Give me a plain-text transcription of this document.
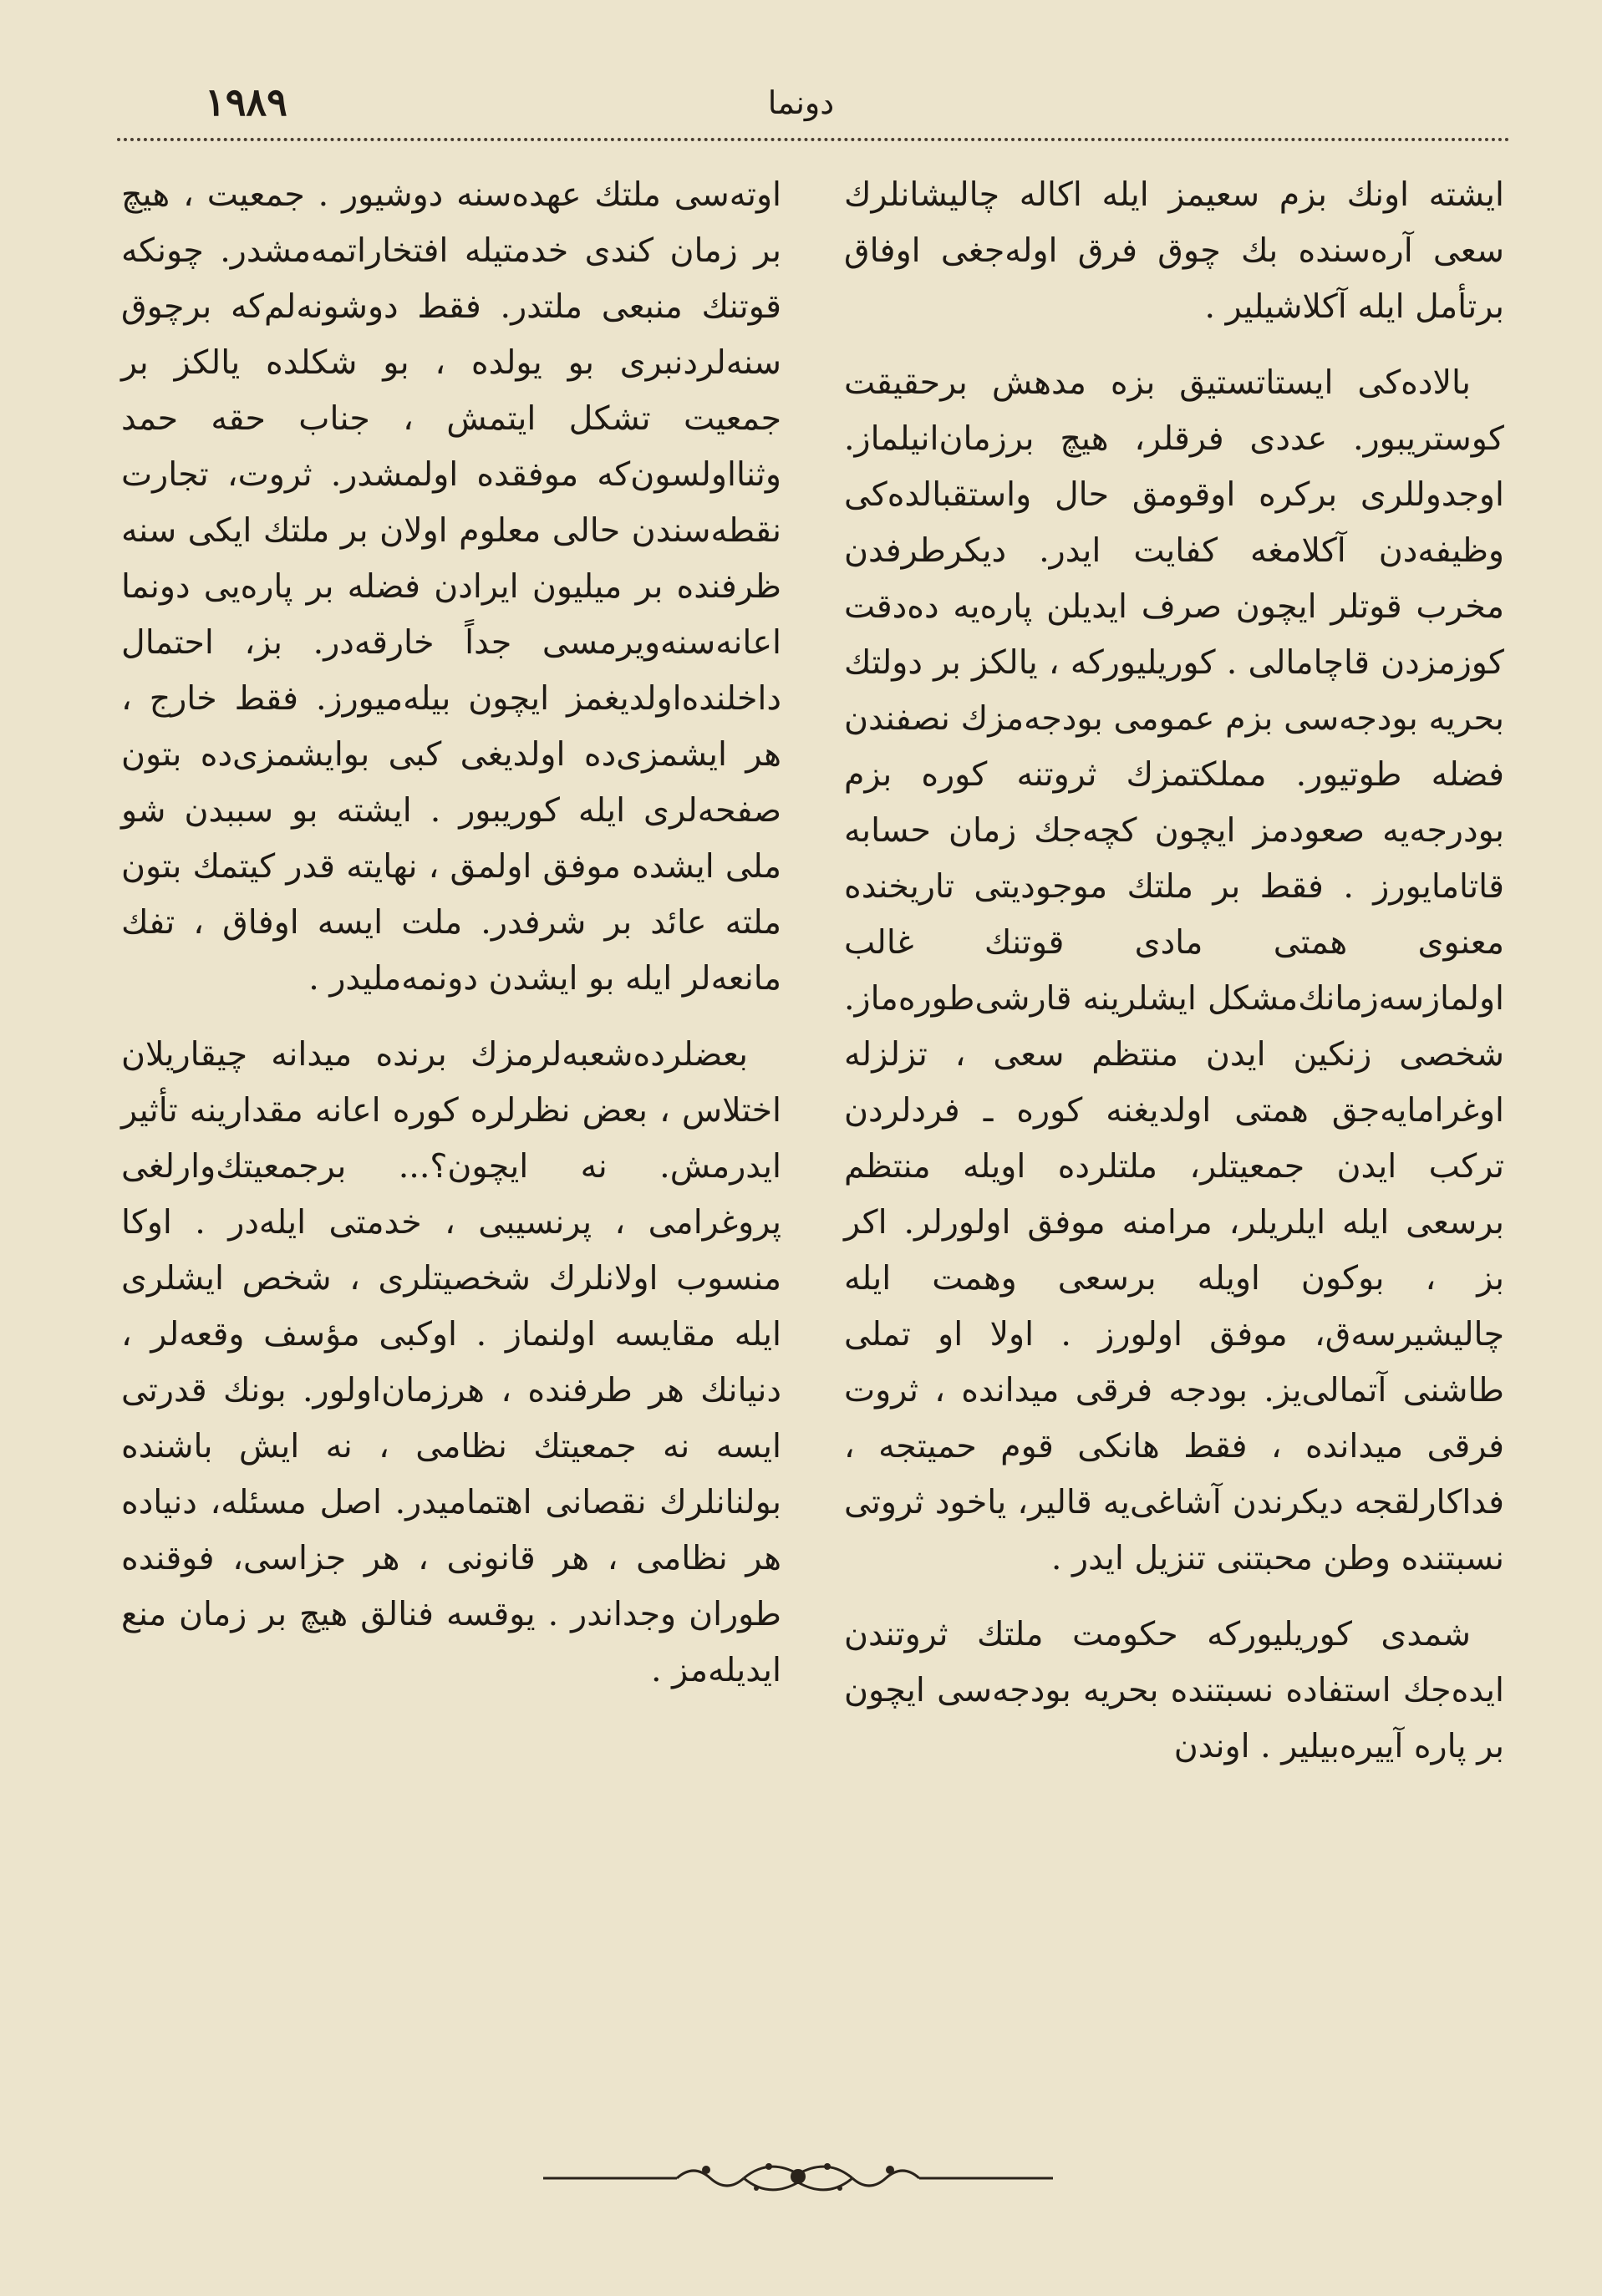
١٩٨٩	دونما

ایشته اونك بزم سعیمز ایله اکا‌له چالیشانلرك سعی آره‌سنده بك چوق فرق اوله‌جغی اوفاق برتأمل ایله آکلاشیلیر .

بالاده‌کی ایستاتستیق بزه مدهش برحقیقت کوستریبور. عددی فرقلر، هیچ برزمان‌انیلماز. اوجدوللری برکره اوقومق حال واستقبالده‌کی وظیفه‌دن آکلامغه کفایت ایدر. دیکرطرفدن مخرب قوتلر ایچون صرف ایدیلن پاره‌یه ده‌دقت کوزمزدن قاچامالی . کوریلیورکه ، یالکز بر دولتك بحریه بودجه‌سی بزم عمومی بودجه‌مزك نصفندن فضله طوتیور. مملکتمزك ثروتنه کوره بزم بودرجه‌یه صعودمز ایچون کچه‌جك زمان حسابه قاتامایورز . فقط بر ملتك موجودیتی تاریخنده معنوی همتی مادی قوتنك غالب اولمازسه‌زمانك‌مشکل ایشلرینه قارشی‌طوره‌ماز. شخصی زنکین ایدن منتظم سعی ، تزلزله اوغرامایه‌جق همتی اولدیغنه کوره ـ فردلردن ترکب ایدن جمعیتلر، ملتلرده اویله منتظم برسعی ایله ایلریلر، مرامنه موفق اولورلر. اکر بز ، بوکون اویله برسعی وهمت ایله چالیشیرسه‌ق، موفق اولورز . اولا او تملی طاشنی آتمالی‌یز. بودجه فرقی میدانده ، ثروت فرقی میدانده ، فقط هانکی قوم حمیتجه ، فداکارلقجه دیکرندن آشاغی‌یه قالیر، یاخود ثروتی نسبتنده وطن محبتنی تنزیل ایدر .

شمدی کوریلیورکه حکومت ملتك ثروتندن ایده‌جك استفاده نسبتنده بحریه بودجه‌سی ایچون بر پاره آییره‌بیلیر . اوندن

اوته‌سی ملتك عهده‌سنه دوشیور . جمعیت ، هیچ بر زمان کندی خدمتیله افتخاراتمه‌مشدر. چونکه قوتنك منبعی ملتدر. فقط دوشونه‌لم‌که برچوق سنه‌لردنبری بو یولده ، بو شکلده یالکز بر جمعیت تشکل ایتمش ، جناب حقه حمد وثنااولسون‌که موفقده اولمشدر. ثروت، تجارت نقطه‌سندن حالی معلوم اولان بر ملتك ایکی سنه ظرفنده بر میلیون ایرادن فضله بر پاره‌یی دونما اعانه‌سنه‌ویرمسی جداً خارقه‌در. بز، احتمال داخلنده‌اولدیغمز ایچون بیله‌میورز. فقط خارج ، هر ایشمزی‌ده اولدیغی کبی بوایشمزی‌ده بتون صفحه‌لری ایله کوریبور . ایشته بو سببدن شو ملی ایشده موفق اولمق ، نهایته قدر کیتمك بتون ملته عائد بر شرفدر. ملت ایسه اوفاق ، تفك مانعه‌لر ایله بو ایشدن دونمه‌ملیدر .

بعضلرده‌شعبه‌لرمزك برنده میدانه چیقاریلان اختلاس ، بعض نظرلره کوره اعانه مقدارینه تأثیر ایدرمش. نه ایچون؟... برجمعیتك‌وارلغی پروغرامی ، پرنسیبی ، خدمتی ایله‌در . اوکا منسوب اولانلرك شخصیتلری ، شخص ایشلری ایله مقایسه اولنماز . اوکبی مؤسف وقعه‌لر ، دنیانك هر طرفنده ، هرزمان‌اولور. بونك قدرتی ایسه نه جمعیتك نظامی ، نه ایش باشنده بولنانلرك نقصانی اهتمامیدر. اصل مسئله، دنیاده هر نظامی ، هر قانونی ، هر جزاسی، فوقنده طوران وجداندر . یوقسه فنالق هیچ بر زمان منع ایدیله‌مز .
